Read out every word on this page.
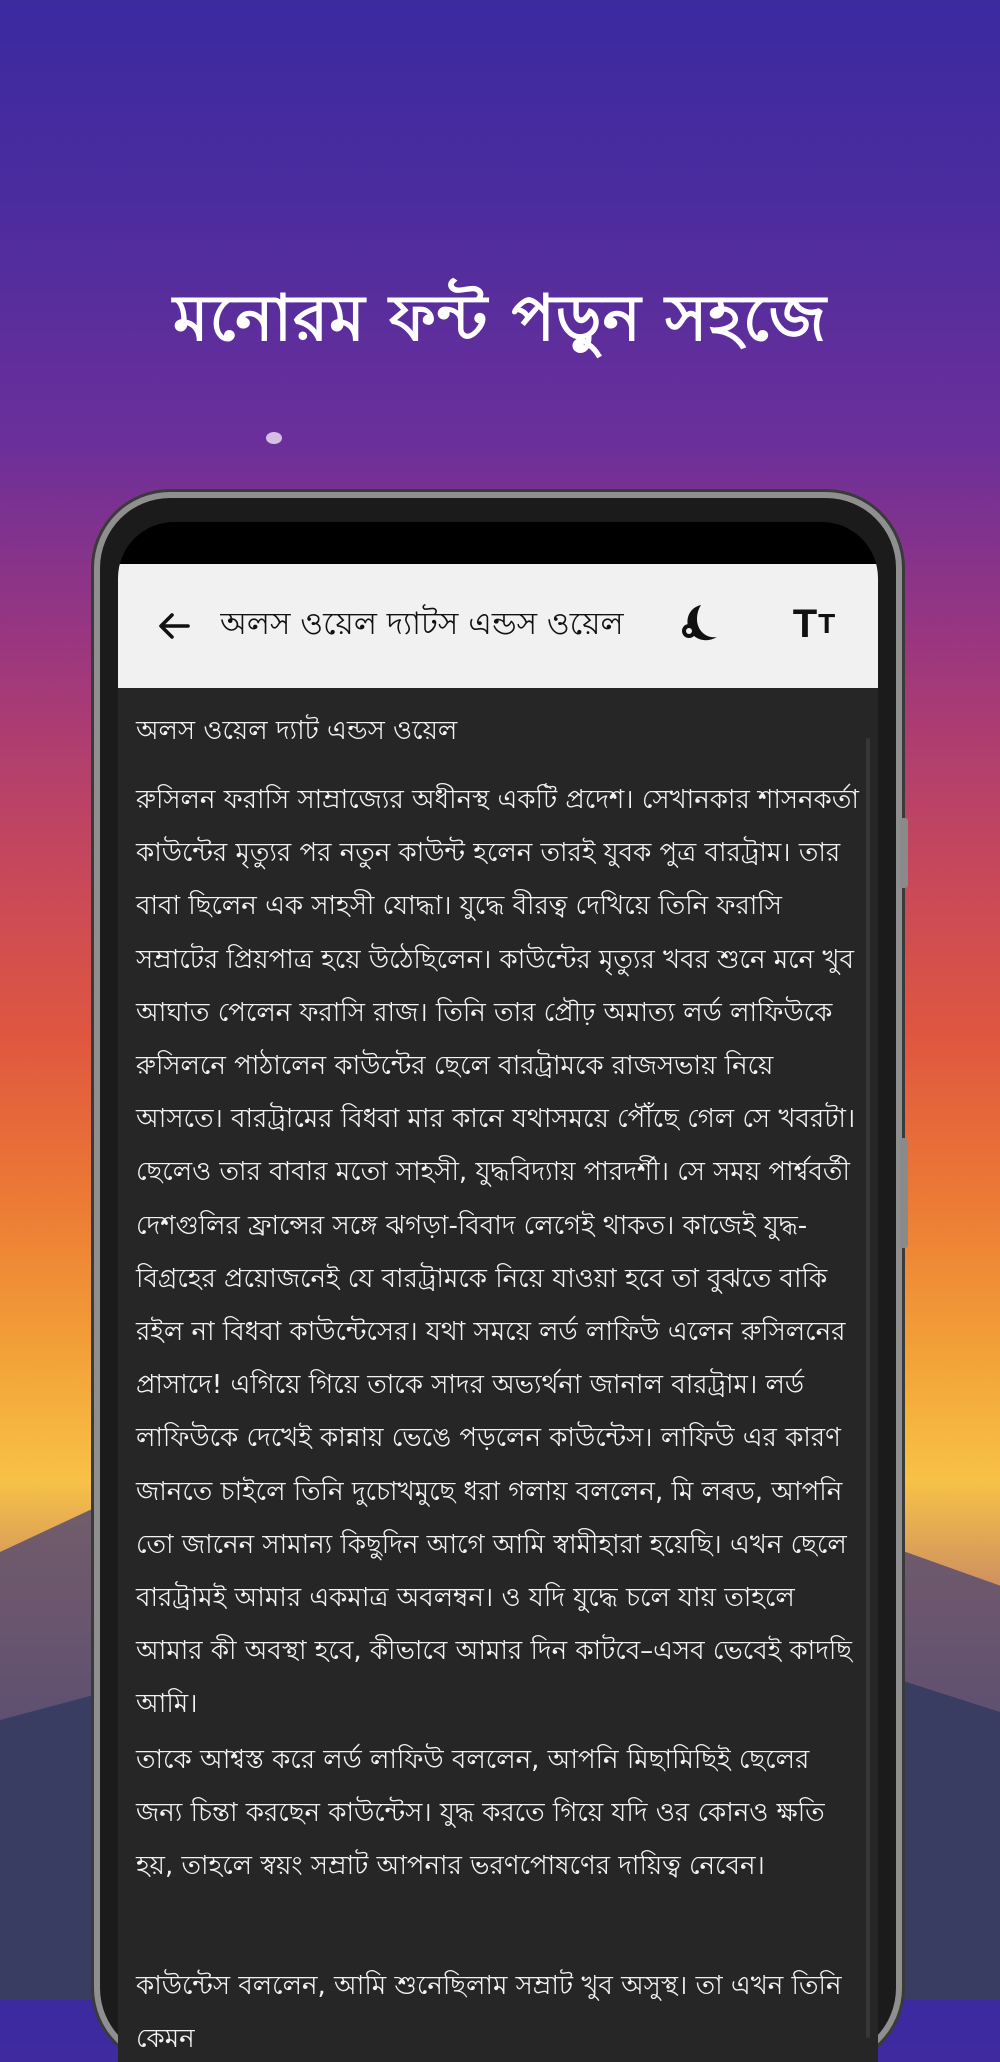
মনোরম ফন্ট পড়ুন সহজে
অলস ওয়েল দ্যাটস এন্ডস ওয়েল	T T
অলস ওয়েল দ্যাট এন্ডস ওয়েল
রুসিলন ফরাসি সাম্রাজ্যের অধীনস্থ একটি প্রদেশ। সেখানকার শাসনকর্তা কাউন্টের মৃত্যুর পর নতুন কাউন্ট হলেন তারই যুবক পুত্র বারট্রাম। তার বাবা ছিলেন এক সাহসী যোদ্ধা। যুদ্ধে বীরত্ব দেখিয়ে তিনি ফরাসি সম্রাটের প্রিয়পাত্র হয়ে উঠেছিলেন। কাউন্টের মৃত্যুর খবর শুনে মনে খুব আঘাত পেলেন ফরাসি রাজ। তিনি তার প্রৌঢ় অমাত্য লর্ড লাফিউকে রুসিলনে পাঠালেন কাউন্টের ছেলে বারট্রামকে রাজসভায় নিয়ে আসতে। বারট্রামের বিধবা মার কানে যথাসময়ে পৌঁছে গেল সে খবরটা। ছেলেও তার বাবার মতো সাহসী, যুদ্ধবিদ্যায় পারদর্শী। সে সময় পার্শ্ববর্তী দেশগুলির ফ্রান্সের সঙ্গে ঝগড়া-বিবাদ লেগেই থাকত। কাজেই যুদ্ধ-বিগ্রহের প্রয়োজনেই যে বারট্রামকে নিয়ে যাওয়া হবে তা বুঝতে বাকি রইল না বিধবা কাউন্টেসের। যথা সময়ে লর্ড লাফিউ এলেন রুসিলনের প্রাসাদে! এগিয়ে গিয়ে তাকে সাদর অভ্যর্থনা জানাল বারট্রাম। লর্ড লাফিউকে দেখেই কান্নায় ভেঙে পড়লেন কাউন্টেস। লাফিউ এর কারণ জানতে চাইলে তিনি দুচোখমুছে ধরা গলায় বললেন, মি লৰড, আপনি তো জানেন সামান্য কিছুদিন আগে আমি স্বামীহারা হয়েছি। এখন ছেলে বারট্রামই আমার একমাত্র অবলম্বন। ও যদি যুদ্ধে চলে যায় তাহলে আমার কী অবস্থা হবে, কীভাবে আমার দিন কাটবে–এসব ভেবেই কাদছি আমি।
তাকে আশ্বস্ত করে লর্ড লাফিউ বললেন, আপনি মিছামিছিই ছেলের জন্য চিন্তা করছেন কাউন্টেস। যুদ্ধ করতে গিয়ে যদি ওর কোনও ক্ষতি হয়, তাহলে স্বয়ং সম্রাট আপনার ভরণপোষণের দায়িত্ব নেবেন।
কাউন্টেস বললেন, আমি শুনেছিলাম সম্রাট খুব অসুস্থ। তা এখন তিনি কেমন
